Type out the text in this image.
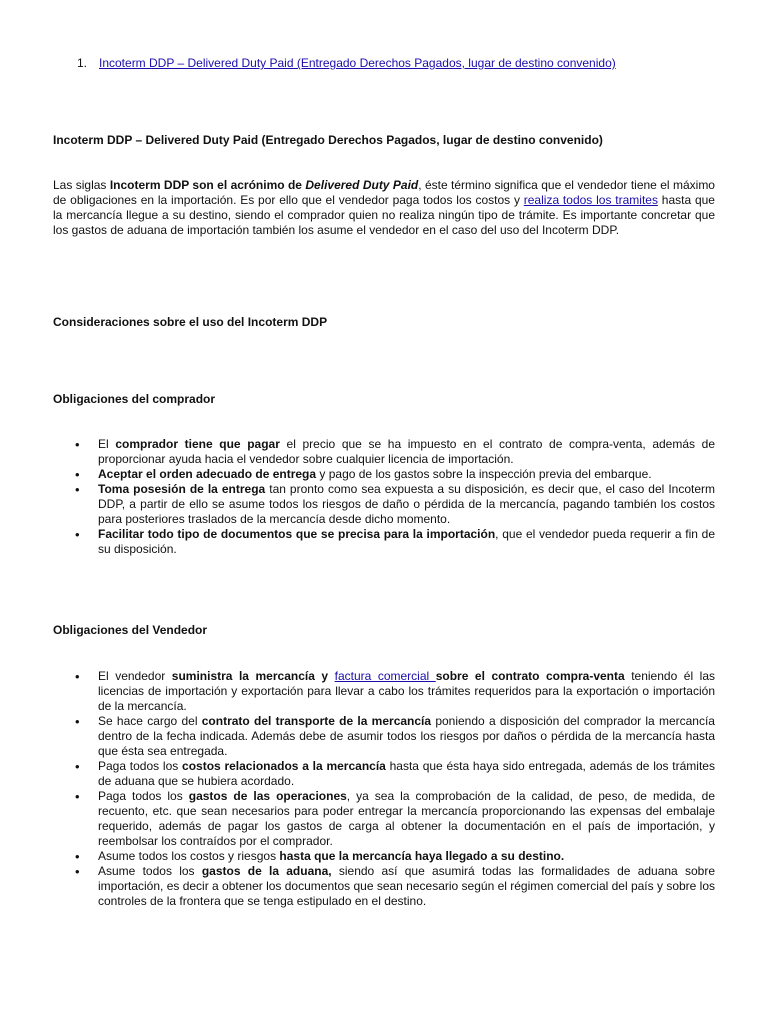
1. Incoterm DDP – Delivered Duty Paid (Entregado Derechos Pagados, lugar de destino convenido)
Incoterm DDP – Delivered Duty Paid (Entregado Derechos Pagados, lugar de destino convenido)

Las siglas Incoterm DDP son el acrónimo de Delivered Duty Paid, éste término significa que el vendedor tiene el máximo de obligaciones en la importación. Es por ello que el vendedor paga todos los costos y realiza todos los tramites hasta que la mercancía llegue a su destino, siendo el comprador quien no realiza ningún tipo de trámite. Es importante concretar que los gastos de aduana de importación también los asume el vendedor en el caso del uso del Incoterm DDP.

Consideraciones sobre el uso del Incoterm DDP
Obligaciones del comprador
• El comprador tiene que pagar el precio que se ha impuesto en el contrato de compra-venta, además de proporcionar ayuda hacia el vendedor sobre cualquier licencia de importación.
• Aceptar el orden adecuado de entrega y pago de los gastos sobre la inspección previa del embarque.
• Toma posesión de la entrega tan pronto como sea expuesta a su disposición, es decir que, el caso del Incoterm DDP, a partir de ello se asume todos los riesgos de daño o pérdida de la mercancía, pagando también los costos para posteriores traslados de la mercancía desde dicho momento.
• Facilitar todo tipo de documentos que se precisa para la importación, que el vendedor pueda requerir a fin de su disposición.
Obligaciones del Vendedor
• El vendedor suministra la mercancía y factura comercial sobre el contrato compra-venta teniendo él las licencias de importación y exportación para llevar a cabo los trámites requeridos para la exportación o importación de la mercancía.
• Se hace cargo del contrato del transporte de la mercancía poniendo a disposición del comprador la mercancía dentro de la fecha indicada. Además debe de asumir todos los riesgos por daños o pérdida de la mercancía hasta que ésta sea entregada.
• Paga todos los costos relacionados a la mercancía hasta que ésta haya sido entregada, además de los trámites de aduana que se hubiera acordado.
• Paga todos los gastos de las operaciones, ya sea la comprobación de la calidad, de peso, de medida, de recuento, etc. que sean necesarios para poder entregar la mercancía proporcionando las expensas del embalaje requerido, además de pagar los gastos de carga al obtener la documentación en el país de importación, y reembolsar los contraídos por el comprador.
• Asume todos los costos y riesgos hasta que la mercancía haya llegado a su destino.
• Asume todos los gastos de la aduana, siendo así que asumirá todas las formalidades de aduana sobre importación, es decir a obtener los documentos que sean necesario según el régimen comercial del país y sobre los controles de la frontera que se tenga estipulado en el destino.
